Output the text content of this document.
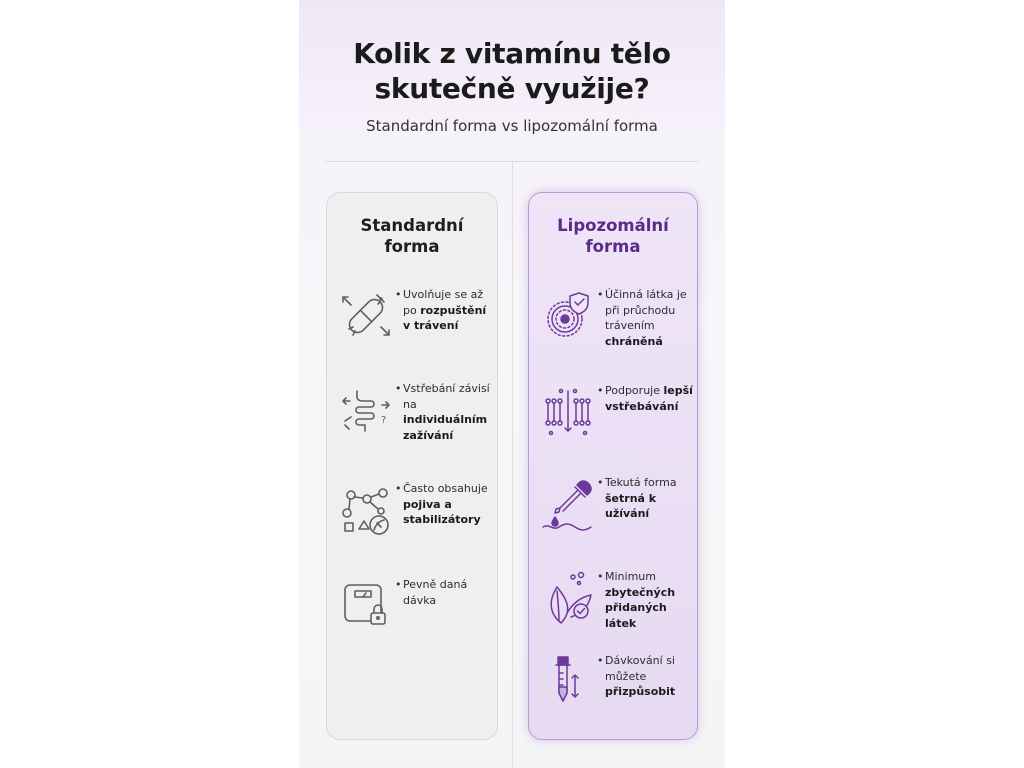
Kolik z vitamínu tělo
skutečně využije?
Standardní forma vs lipozomální forma
Standardní
forma
• Uvolňuje se až po rozpuštění v trávení
?
• Vstřebání závisí na individuálním zažívání
• Často obsahuje pojiva a stabilizátory
• Pevně daná dávka
Lipozomální
forma
• Účinná látka je při průchodu trávením chráněná
• Podporuje lepší vstřebávání
• Tekutá forma šetrná k užívání
• Minimum zbytečných přidaných látek
• Dávkování si můžete přizpůsobit
